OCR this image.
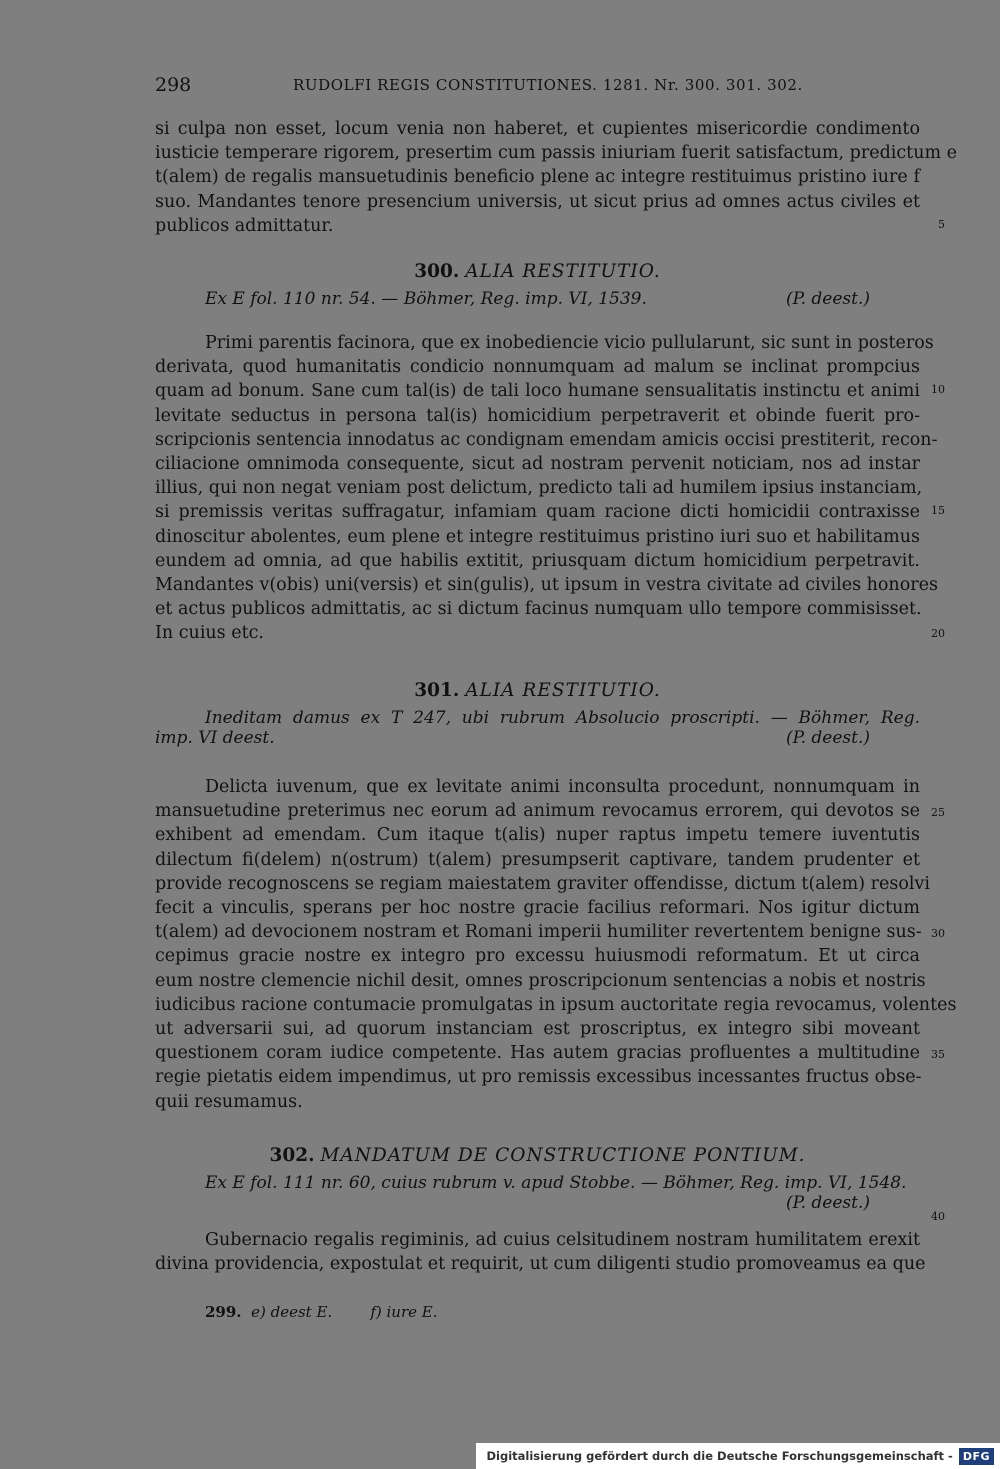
298	RUDOLFI REGIS CONSTITUTIONES. 1281. Nr. 300. 301. 302.
si culpa non esset, locum venia non haberet, et cupientes misericordie condimento
iusticie temperare rigorem, presertim cum passis iniuriam fuerit satisfactum, predictum e
t(alem) de regalis mansuetudinis beneficio plene ac integre restituimus pristino iure f
suo. Mandantes tenore presencium universis, ut sicut prius ad omnes actus civiles et
publicos admittatur.
300. ALIA RESTITUTIO.
Ex E fol. 110 nr. 54. — Böhmer, Reg. imp. VI, 1539.	(P. deest.)
Primi parentis facinora, que ex inobediencie vicio pullularunt, sic sunt in posteros
derivata, quod humanitatis condicio nonnumquam ad malum se inclinat prompcius
quam ad bonum. Sane cum tal(is) de tali loco humane sensualitatis instinctu et animi
levitate seductus in persona tal(is) homicidium perpetraverit et obinde fuerit pro-
scripcionis sentencia innodatus ac condignam emendam amicis occisi prestiterit, recon-
ciliacione omnimoda consequente, sicut ad nostram pervenit noticiam, nos ad instar
illius, qui non negat veniam post delictum, predicto tali ad humilem ipsius instanciam,
si premissis veritas suffragatur, infamiam quam racione dicti homicidii contraxisse
dinoscitur abolentes, eum plene et integre restituimus pristino iuri suo et habilitamus
eundem ad omnia, ad que habilis extitit, priusquam dictum homicidium perpetravit.
Mandantes v(obis) uni(versis) et sin(gulis), ut ipsum in vestra civitate ad civiles honores
et actus publicos admittatis, ac si dictum facinus numquam ullo tempore commisisset.
In cuius etc.
301. ALIA RESTITUTIO.
Ineditam damus ex T 247, ubi rubrum Absolucio proscripti. — Böhmer, Reg.
imp. VI deest.	(P. deest.)
Delicta iuvenum, que ex levitate animi inconsulta procedunt, nonnumquam in
mansuetudine preterimus nec eorum ad animum revocamus errorem, qui devotos se
exhibent ad emendam. Cum itaque t(alis) nuper raptus impetu temere iuventutis
dilectum fi(delem) n(ostrum) t(alem) presumpserit captivare, tandem prudenter et
provide recognoscens se regiam maiestatem graviter offendisse, dictum t(alem) resolvi
fecit a vinculis, sperans per hoc nostre gracie facilius reformari. Nos igitur dictum
t(alem) ad devocionem nostram et Romani imperii humiliter revertentem benigne sus-
cepimus gracie nostre ex integro pro excessu huiusmodi reformatum. Et ut circa
eum nostre clemencie nichil desit, omnes proscripcionum sentencias a nobis et nostris
iudicibus racione contumacie promulgatas in ipsum auctoritate regia revocamus, volentes
ut adversarii sui, ad quorum instanciam est proscriptus, ex integro sibi moveant
questionem coram iudice competente. Has autem gracias profluentes a multitudine
regie pietatis eidem impendimus, ut pro remissis excessibus incessantes fructus obse-
quii resumamus.
302. MANDATUM DE CONSTRUCTIONE PONTIUM.
Ex E fol. 111 nr. 60, cuius rubrum v. apud Stobbe. — Böhmer, Reg. imp. VI, 1548.
(P. deest.)
Gubernacio regalis regiminis, ad cuius celsitudinem nostram humilitatem erexit
divina providencia, expostulat et requirit, ut cum diligenti studio promoveamus ea que
5
10
15
20
25
30
35
40
299. e) deest E.	f) iure E.
Digitalisierung gefördert durch die Deutsche Forschungsgemeinschaft - DFG
